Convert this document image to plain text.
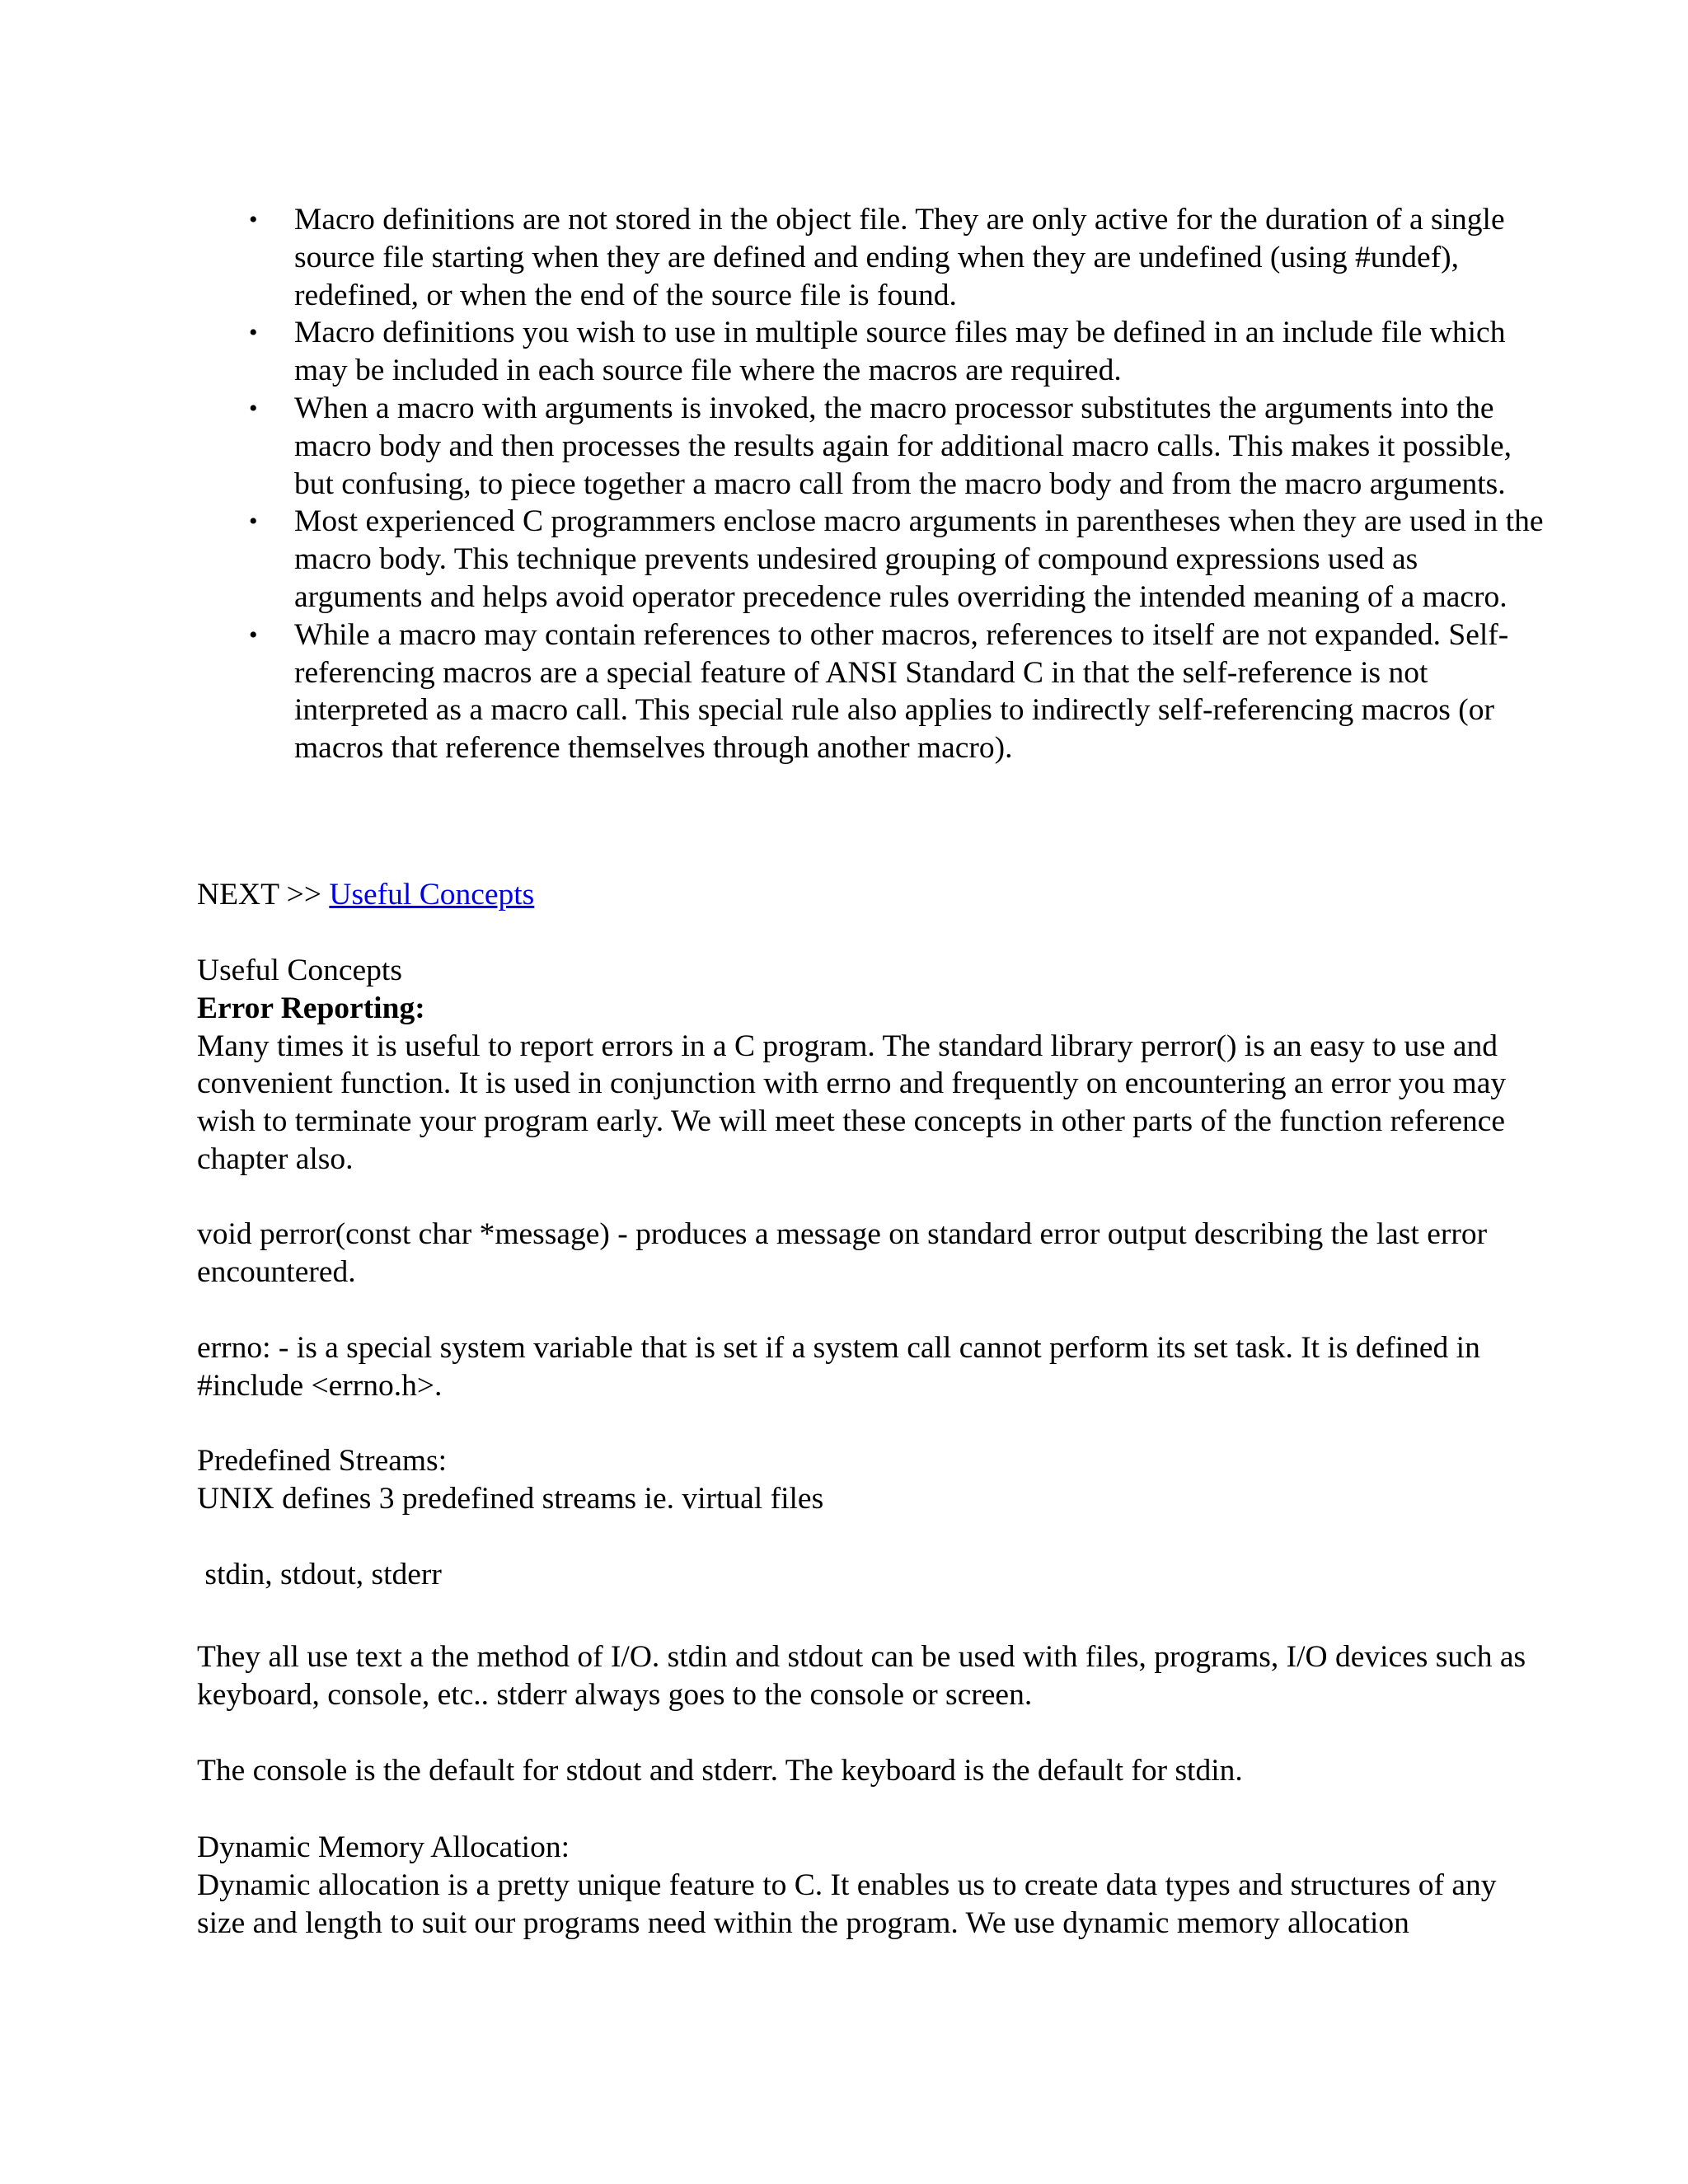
• Macro definitions are not stored in the object file. They are only active for the duration of a single source file starting when they are defined and ending when they are undefined (using #undef), redefined, or when the end of the source file is found.
• Macro definitions you wish to use in multiple source files may be defined in an include file which may be included in each source file where the macros are required.
• When a macro with arguments is invoked, the macro processor substitutes the arguments into the macro body and then processes the results again for additional macro calls. This makes it possible, but confusing, to piece together a macro call from the macro body and from the macro arguments.
• Most experienced C programmers enclose macro arguments in parentheses when they are used in the macro body. This technique prevents undesired grouping of compound expressions used as arguments and helps avoid operator precedence rules overriding the intended meaning of a macro.
• While a macro may contain references to other macros, references to itself are not expanded. Self-referencing macros are a special feature of ANSI Standard C in that the self-reference is not interpreted as a macro call. This special rule also applies to indirectly self-referencing macros (or macros that reference themselves through another macro).

NEXT >> Useful Concepts

Useful Concepts

Error Reporting:

Many times it is useful to report errors in a C program. The standard library perror() is an easy to use and convenient function. It is used in conjunction with errno and frequently on encountering an error you may wish to terminate your program early. We will meet these concepts in other parts of the function reference chapter also.

void perror(const char *message) - produces a message on standard error output describing the last error encountered.
errno: - is a special system variable that is set if a system call cannot perform its set task. It is defined in #include <errno.h>.

Predefined Streams:

UNIX defines 3 predefined streams ie. virtual files

stdin, stdout, stderr
They all use text a the method of I/O. stdin and stdout can be used with files, programs, I/O devices such as keyboard, console, etc.. stderr always goes to the console or screen.
The console is the default for stdout and stderr. The keyboard is the default for stdin.

Dynamic Memory Allocation:

Dynamic allocation is a pretty unique feature to C. It enables us to create data types and structures of any size and length to suit our programs need within the program. We use dynamic memory allocation
